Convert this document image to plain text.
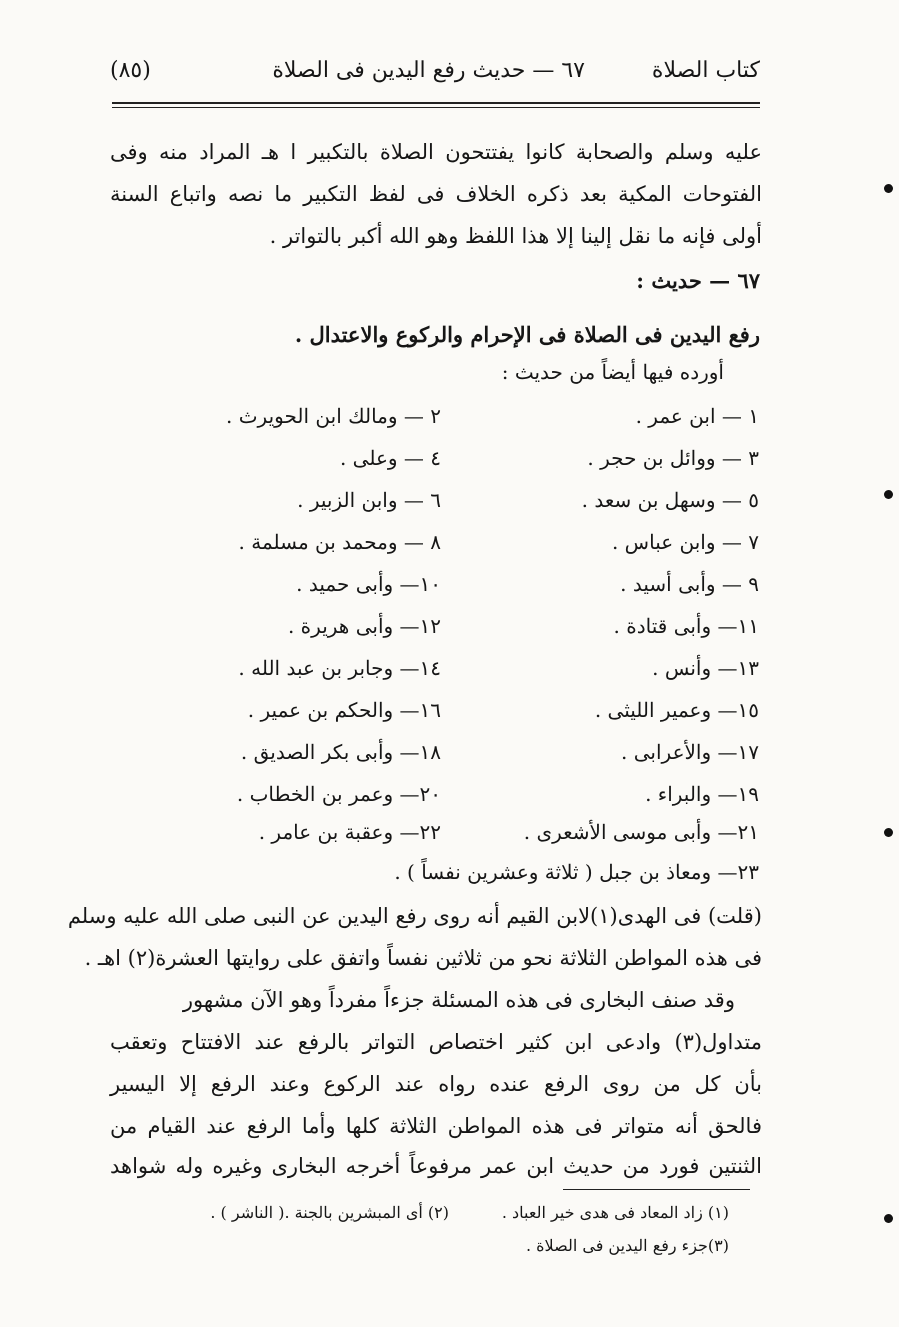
كتاب الصلاة
٦٧ — حديث رفع اليدين فى الصلاة
(٨٥)
عليه وسلم والصحابة كانوا يفتتحون الصلاة بالتكبير ا هـ المراد منه وفى
الفتوحات المكية بعد ذكره الخلاف فى لفظ التكبير ما نصه واتباع السنة
أولى فإنه ما نقل إلينا إلا هذا اللفظ وهو الله أكبر بالتواتر .
٦٧ — حديث :
رفع اليدين فى الصلاة فى الإحرام والركوع والاعتدال .
أورده فيها أيضاً من حديث :
١ — ابن عمر .
٢ — ومالك ابن الحويرث .
٣ — ووائل بن حجر .
٤ — وعلى .
٥ — وسهل بن سعد .
٦ — وابن الزبير .
٧ — وابن عباس .
٨ — ومحمد بن مسلمة .
٩ — وأبى أسيد .
١٠— وأبى حميد .
١١— وأبى قتادة .
١٢— وأبى هريرة .
١٣— وأنس .
١٤— وجابر بن عبد الله .
١٥— وعمير الليثى .
١٦— والحكم بن عمير .
١٧— والأعرابى .
١٨— وأبى بكر الصديق .
١٩— والبراء .
٢٠— وعمر بن الخطاب .
٢١— وأبى موسى الأشعرى .
٢٢— وعقبة بن عامر .
٢٣— ومعاذ بن جبل ( ثلاثة وعشرين نفساً ) .
(قلت) فى الهدى(١)لابن القيم أنه روى رفع اليدين عن النبى صلى الله عليه وسلم
فى هذه المواطن الثلاثة نحو من ثلاثين نفساً واتفق على روايتها العشرة(٢) اهـ .
وقد صنف البخارى فى هذه المسئلة جزءاً مفرداً وهو الآن مشهور
متداول(٣) وادعى ابن كثير اختصاص التواتر بالرفع عند الافتتاح وتعقب
بأن كل من روى الرفع عنده رواه عند الركوع وعند الرفع إلا اليسير
فالحق أنه متواتر فى هذه المواطن الثلاثة كلها وأما الرفع عند القيام من
الثنتين فورد من حديث ابن عمر مرفوعاً أخرجه البخارى وغيره وله شواهد
(١) زاد المعاد فى هدى خير العباد .
(٢) أى المبشرين بالجنة .( الناشر ) .
(٣)جزء رفع اليدين فى الصلاة .
